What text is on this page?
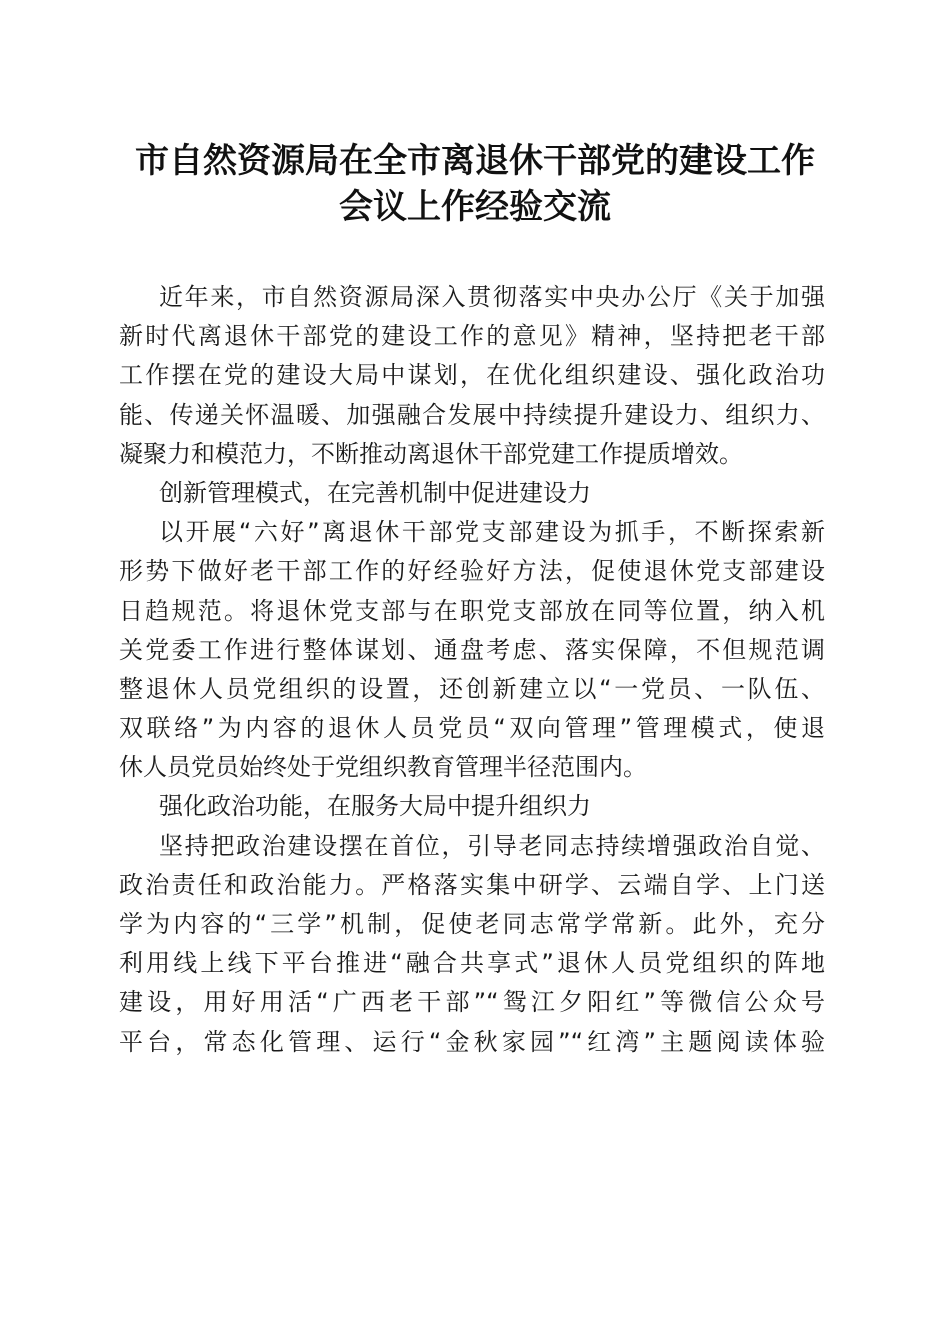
市自然资源局在全市离退休干部党的建设工作
会议上作经验交流
近年来，市自然资源局深入贯彻落实中央办公厅《关于加强
新时代离退休干部党的建设工作的意见》精神，坚持把老干部
工作摆在党的建设大局中谋划，在优化组织建设、强化政治功
能、传递关怀温暖、加强融合发展中持续提升建设力、组织力、
凝聚力和模范力，不断推动离退休干部党建工作提质增效。
创新管理模式，在完善机制中促进建设力
以开展“六好”离退休干部党支部建设为抓手，不断探索新
形势下做好老干部工作的好经验好方法，促使退休党支部建设
日趋规范。将退休党支部与在职党支部放在同等位置，纳入机
关党委工作进行整体谋划、通盘考虑、落实保障，不但规范调
整退休人员党组织的设置，还创新建立以“一党员、一队伍、
双联络”为内容的退休人员党员“双向管理”管理模式，使退
休人员党员始终处于党组织教育管理半径范围内。
强化政治功能，在服务大局中提升组织力
坚持把政治建设摆在首位，引导老同志持续增强政治自觉、
政治责任和政治能力。严格落实集中研学、云端自学、上门送
学为内容的“三学”机制，促使老同志常学常新。此外，充分
利用线上线下平台推进“融合共享式”退休人员党组织的阵地
建设，用好用活“广西老干部”“鸳江夕阳红”等微信公众号
平台，常态化管理、运行“金秋家园”“红湾”主题阅读体验
